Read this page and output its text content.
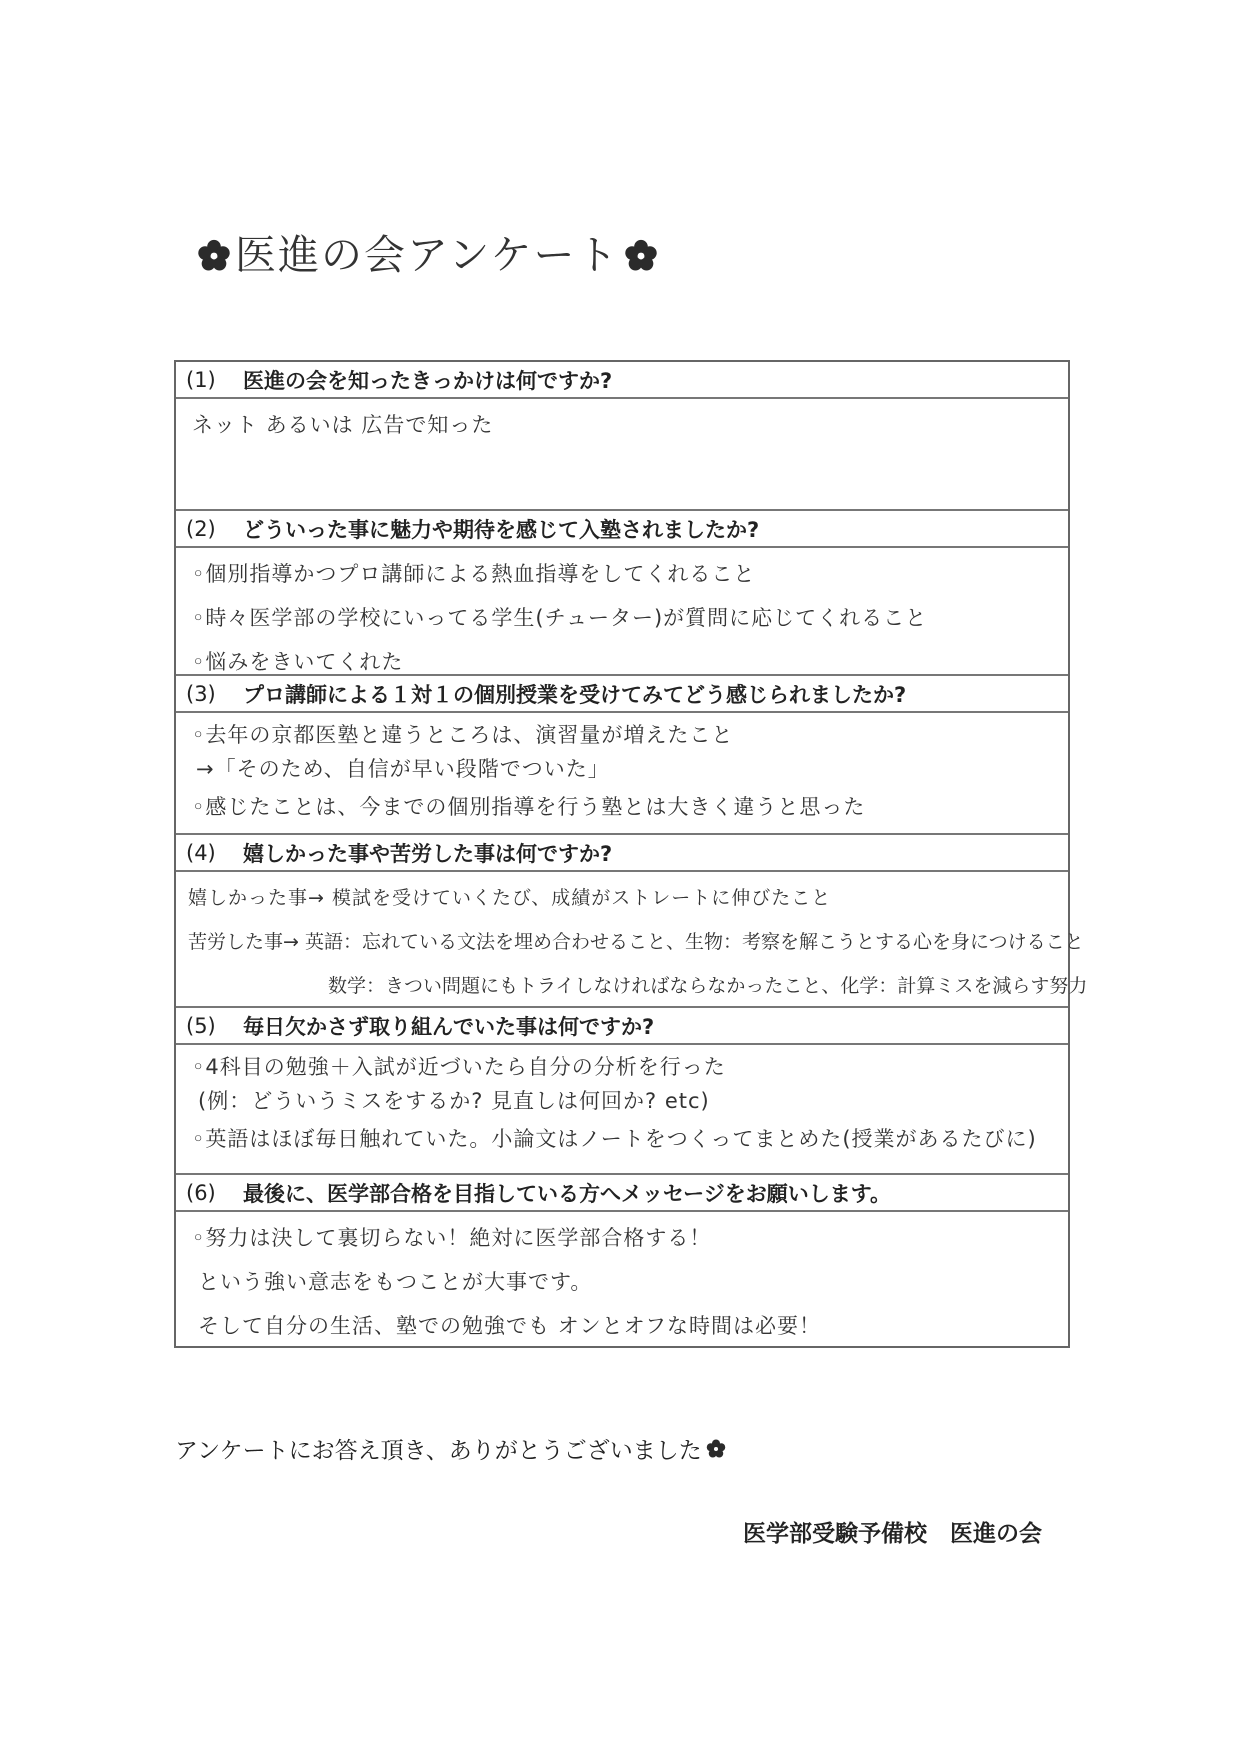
医進の会アンケート
(1)	医進の会を知ったきっかけは何ですか?
ネット あるいは 広告で知った
(2)	どういった事に魅力や期待を感じて入塾されましたか?
◦個別指導かつプロ講師による熱血指導をしてくれること
◦時々医学部の学校にいってる学生(チューター)が質問に応じてくれること
◦悩みをきいてくれた
(3)	プロ講師による１対１の個別授業を受けてみてどう感じられましたか?
◦去年の京都医塾と違うところは、演習量が増えたこと
→「そのため、自信が早い段階でついた」
◦感じたことは、今までの個別指導を行う塾とは大きく違うと思った
(4)	嬉しかった事や苦労した事は何ですか?
嬉しかった事→ 模試を受けていくたび、成績がストレートに伸びたこと
苦労した事→ 英語：忘れている文法を埋め合わせること、生物：考察を解こうとする心を身につけること
数学：きつい問題にもトライしなければならなかったこと、化学：計算ミスを減らす努力
(5)	毎日欠かさず取り組んでいた事は何ですか?
◦4科目の勉強＋入試が近づいたら自分の分析を行った
(例：どういうミスをするか? 見直しは何回か? etc)
◦英語はほぼ毎日触れていた。小論文はノートをつくってまとめた(授業があるたびに)
(6)	最後に、医学部合格を目指している方へメッセージをお願いします。
◦努力は決して裏切らない！絶対に医学部合格する！
という強い意志をもつことが大事です。
そして自分の生活、塾での勉強でも オンとオフな時間は必要！
アンケートにお答え頂き、ありがとうございました
医学部受験予備校　医進の会
